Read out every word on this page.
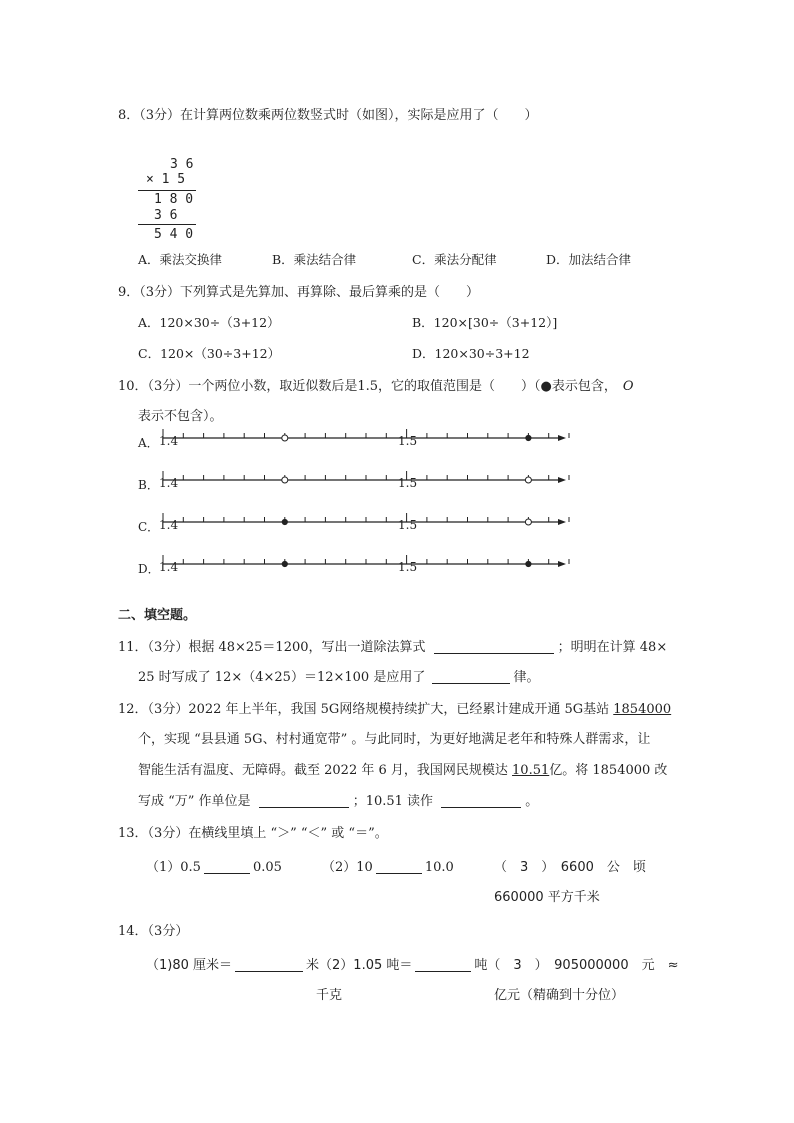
8．（3分）在计算两位数乘两位数竖式时（如图），实际是应用了（　　）
3 6
× 1 5
1 8 0
3 6
5 4 0
A．乘法交换律	B．乘法结合律	C．乘法分配律	D．加法结合律
9．（3分）下列算式是先算加、再算除、最后算乘的是（　　）
A．120×30÷（3+12）	B．120×[30÷（3+12）]
C．120×（30÷3+12）	D．120×30÷3+12
10．（3分）一个两位小数，取近似数后是1.5，它的取值范围是（　　）（●表示包含， O
表示不包含）。
A． 1.4	1.5
B． 1.4	1.5
C． 1.4	1.5
D． 1.4	1.5
二、填空题。
11．（3分）根据 48×25＝1200，写出一道除法算式	；明明在计算 48×
25 时写成了 12×（4×25）＝12×100 是应用了	律。
12．（3分）2022 年上半年，我国 5G网络规模持续扩大，已经累计建成开通 5G基站 1854000
个，实现 “县县通 5G、村村通宽带” 。与此同时，为更好地满足老年和特殊人群需求，让
智能生活有温度、无障碍。截至 2022 年 6 月，我国网民规模达 10.51亿。将 1854000 改
写成 “万” 作单位是	；10.51 读作	。
13．（3分）在横线里填上 “＞” “＜” 或 “＝”。
（1）0.5	0.05	（2）10	10.0	（　3　）　6600　公　顷
660000 平方千米
14．（3分）
（1)80 厘米＝	米（2）1.05 吨＝	吨（　3　）　905000000　元　≈
千克	亿元（精确到十分位）
